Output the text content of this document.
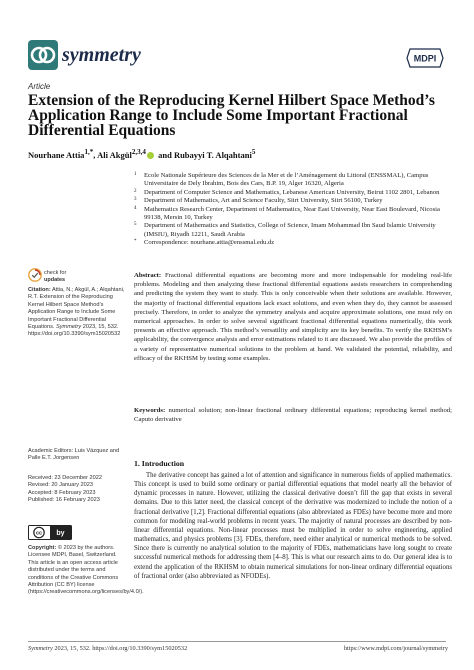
symmetry	MDPI
Article
Extension of the Reproducing Kernel Hilbert Space Method’s Application Range to Include Some Important Fractional Differential Equations
Nourhane Attia$^{1,*}$, Ali Akgül$^{2,3,4}$ and Rubayyi T. Alqahtani$^5$
1 Ecole Nationale Supérieure des Sciences de la Mer et de l’Aménagement du Littoral (ENSSMAL), Campus Universitaire de Dely Ibrahim, Bois des Cars, B.P. 19, Alger 16320, Algeria
2 Department of Computer Science and Mathematics, Lebanese American University, Beirut 1102 2801, Lebanon
3 Department of Mathematics, Art and Science Faculty, Siirt University, Siirt 56100, Turkey
4 Mathematics Research Center, Department of Mathematics, Near East University, Near East Boulevard, Nicosia 99138, Mersin 10, Turkey
5 Department of Mathematics and Statistics, College of Science, Imam Mohammad Ibn Saud Islamic University (IMSIU), Riyadh 12211, Saudi Arabia
* Correspondence: nourhane.attia@enssmal.edu.dz
check for
updates
Citation: Attia, N.; Akgül, A.; Alqahtani, R.T. Extension of the Reproducing Kernel Hilbert Space Method’s Application Range to Include Some Important Fractional Differential Equations. Symmetry 2023, 15, 532. https://doi.org/10.3390/sym15020532
Academic Editors: Luis Vázquez and Palle E.T. Jorgensen
Received: 23 December 2022
Revised: 20 January 2023
Accepted: 8 February 2023
Published: 16 February 2023
cc by
Copyright: © 2023 by the authors. Licensee MDPI, Basel, Switzerland. This article is an open access article distributed under the terms and conditions of the Creative Commons Attribution (CC BY) license (https://creativecommons.org/licenses/by/4.0/).
Abstract: Fractional differential equations are becoming more and more indispensable for modeling real-life problems. Modeling and then analyzing these fractional differential equations assists researchers in comprehending and predicting the system they want to study. This is only conceivable when their solutions are available. However, the majority of fractional differential equations lack exact solutions, and even when they do, they cannot be assessed precisely. Therefore, in order to analyze the symmetry analysis and acquire approximate solutions, one must rely on numerical approaches. In order to solve several significant fractional differential equations numerically, this work presents an effective approach. This method’s versatility and simplicity are its key benefits. To verify the RKHSM’s applicability, the convergence analysis and error estimations related to it are discussed. We also provide the profiles of a variety of representative numerical solutions to the problem at hand. We validated the potential, reliability, and efficacy of the RKHSM by testing some examples.
Keywords: numerical solution; non-linear fractional ordinary differential equations; reproducing kernel method; Caputo derivative
1. Introduction
The derivative concept has gained a lot of attention and significance in numerous fields of applied mathematics. This concept is used to build some ordinary or partial differential equations that model nearly all the behavior of dynamic processes in nature. However, utilizing the classical derivative doesn’t fill the gap that exists in several domains. Due to this latter need, the classical concept of the derivative was modernized to include the notion of a fractional derivative [1,2]. Fractional differential equations (also abbreviated as FDEs) have become more and more common for modeling real-world problems in recent years. The majority of natural processes are described by non-linear differential equations. Non-linear processes must be multiplied in order to solve engineering, applied mathematics, and physics problems [3]. FDEs, therefore, need either analytical or numerical methods to be solved. Since there is currently no analytical solution to the majority of FDEs, mathematicians have long sought to create successful numerical methods for addressing them [4–8]. This is what our research aims to do. Our general idea is to extend the application of the RKHSM to obtain numerical simulations for non-linear ordinary differential equations of fractional order (also abbreviated as NFODEs).
Symmetry 2023, 15, 532. https://doi.org/10.3390/sym15020532	https://www.mdpi.com/journal/symmetry
